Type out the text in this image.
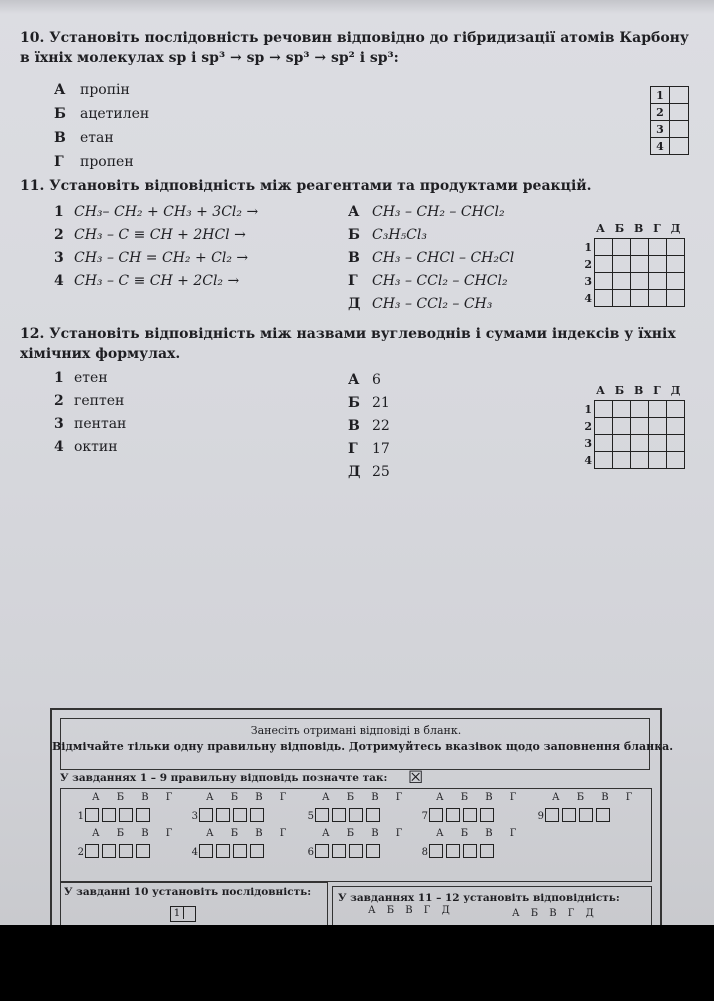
10. Установіть послідовність речовин відповідно до гібридизації атомів Карбону в їхніх молекулах sp і sp³ → sp → sp³ → sp² і sp³:
А пропін
Б ацетилен
В етан
Г пропен
1	
2	
3	
4	
11. Установіть відповідність між реагентами та продуктами реакцій.
1 CH₃– CH₂ + CH₃ + 3Cl₂ →
2 CH₃ – C ≡ CH + 2HCl →
3 CH₃ – CH = CH₂ + Cl₂ →
4 CH₃ – C ≡ CH + 2Cl₂ →
А CH₃ – CH₂ – CHCl₂
Б C₃H₅Cl₃
В CH₃ – CHCl – CH₂Cl
Г CH₃ – CCl₂ – CHCl₂
Д CH₃ – CCl₂ – CH₃
А Б В Г Д
1
2
3
4

12. Установіть відповідність між назвами вуглеводнів і сумами індексів у їхніх хімічних формулах.
1 етен
2 гептен
3 пентан
4 октин
А 6
Б 21
В 22
Г 17
Д 25
А Б В Г Д
1
2
3
4

Занесіть отримані відповіді в бланк.
Відмічайте тільки одну правильну відповідь. Дотримуйтесь вказівок щодо заповнення бланка.
У завданнях 1 – 9 правильну відповідь позначте так: ☒
А Б В Г
1
А Б В Г
3
А Б В Г
5
А Б В Г
7
А Б В Г
9
А Б В Г
2
А Б В Г
4
А Б В Г
6
А Б В Г
8
У завданні 10 установіть послідовність:
1
У завданнях 11 – 12 установіть відповідність:
А Б В Г Д	А Б В Г Д
